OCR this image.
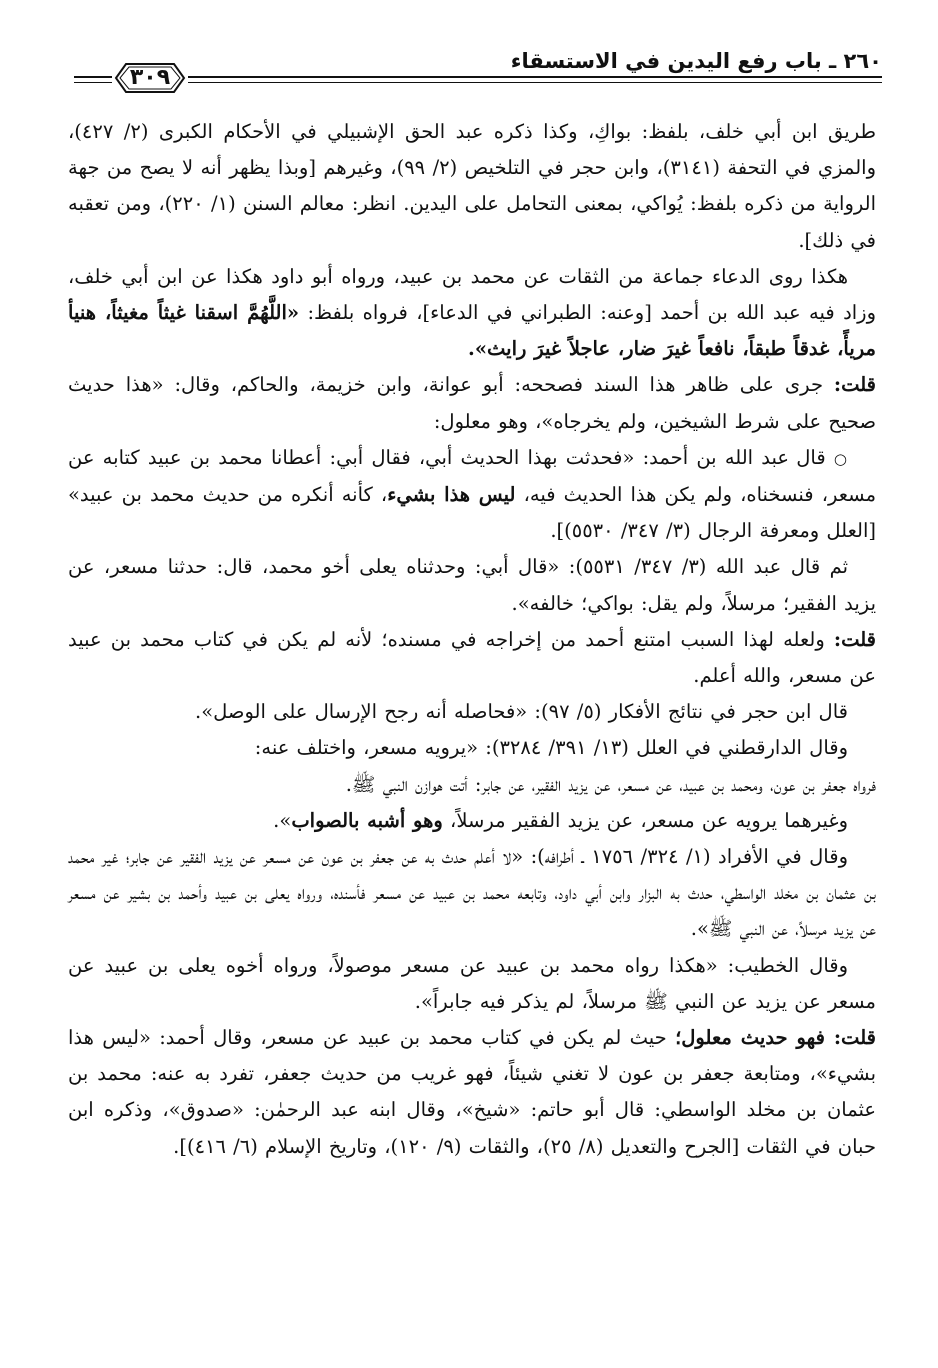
٢٦٠ ـ باب رفع اليدين في الاستسقاء
٣٠٩

طريق ابن أبي خلف، بلفظ: بواكِ، وكذا ذكره عبد الحق الإشبيلي في الأحكام الكبرى (٢/ ٤٢٧)، والمزي في التحفة (٣١٤١)، وابن حجر في التلخيص (٢/ ٩٩)، وغيرهم [وبذا يظهر أنه لا يصح من جهة الرواية من ذكره بلفظ: يُواكي، بمعنى التحامل على اليدين. انظر: معالم السنن (١/ ٢٢٠)، ومن تعقبه في ذلك].

هكذا روى الدعاء جماعة من الثقات عن محمد بن عبيد، ورواه أبو داود هكذا عن ابن أبي خلف، وزاد فيه عبد الله بن أحمد [وعنه: الطبراني في الدعاء]، فرواه بلفظ: «اللَّهُمَّ اسقنا غيثاً مغيثاً، هنيأ مريأً، غدقاً طبقاً، نافعاً غيرَ ضار، عاجلاً غيرَ رايث».

قلت: جرى على ظاهر هذا السند فصححه: أبو عوانة، وابن خزيمة، والحاكم، وقال: «هذا حديث صحيح على شرط الشيخين، ولم يخرجاه»، وهو معلول:

○ قال عبد الله بن أحمد: «فحدثت بهذا الحديث أبي، فقال أبي: أعطانا محمد بن عبيد كتابه عن مسعر، فنسخناه، ولم يكن هذا الحديث فيه، ليس هذا بشيء، كأنه أنكره من حديث محمد بن عبيد» [العلل ومعرفة الرجال (٣/ ٣٤٧/ ٥٥٣٠)].

ثم قال عبد الله (٣/ ٣٤٧/ ٥٥٣١): «قال أبي: وحدثناه يعلى أخو محمد، قال: حدثنا مسعر، عن يزيد الفقير؛ مرسلاً، ولم يقل: بواكي؛ خالفه».

قلت: ولعله لهذا السبب امتنع أحمد من إخراجه في مسنده؛ لأنه لم يكن في كتاب محمد بن عبيد عن مسعر، والله أعلم.

قال ابن حجر في نتائج الأفكار (٥/ ٩٧): «فحاصله أنه رجح الإرسال على الوصل».

وقال الدارقطني في العلل (١٣/ ٣٩١/ ٣٢٨٤): «يرويه مسعر، واختلف عنه:

فرواه جعفر بن عون، ومحمد بن عبيد، عن مسعر، عن يزيد الفقير، عن جابر: أتت هوازن النبي ﷺ.

وغيرهما يرويه عن مسعر، عن يزيد الفقير مرسلاً، وهو أشبه بالصواب».

وقال في الأفراد (١/ ٣٢٤/ ١٧٥٦ ـ أطرافه): «لا أعلم حدث به عن جعفر بن عون عن مسعر عن يزيد الفقير عن جابر؛ غير محمد بن عثمان بن مخلد الواسطي، حدث به البزار وابن أبي داود، وتابعه محمد بن عبيد عن مسعر فأسنده، ورواه يعلى بن عبيد وأحمد بن بشير عن مسعر عن يزيد مرسلاً، عن النبي ﷺ».

وقال الخطيب: «هكذا رواه محمد بن عبيد عن مسعر موصولاً، ورواه أخوه يعلى بن عبيد عن مسعر عن يزيد عن النبي ﷺ مرسلاً، لم يذكر فيه جابراً».

قلت: فهو حديث معلول؛ حيث لم يكن في كتاب محمد بن عبيد عن مسعر، وقال أحمد: «ليس هذا بشيء»، ومتابعة جعفر بن عون لا تغني شيئاً، فهو غريب من حديث جعفر، تفرد به عنه: محمد بن عثمان بن مخلد الواسطي: قال أبو حاتم: «شيخ»، وقال ابنه عبد الرحمٰن: «صدوق»، وذكره ابن حبان في الثقات [الجرح والتعديل (٨/ ٢٥)، والثقات (٩/ ١٢٠)، وتاريخ الإسلام (٦/ ٤١٦)].
